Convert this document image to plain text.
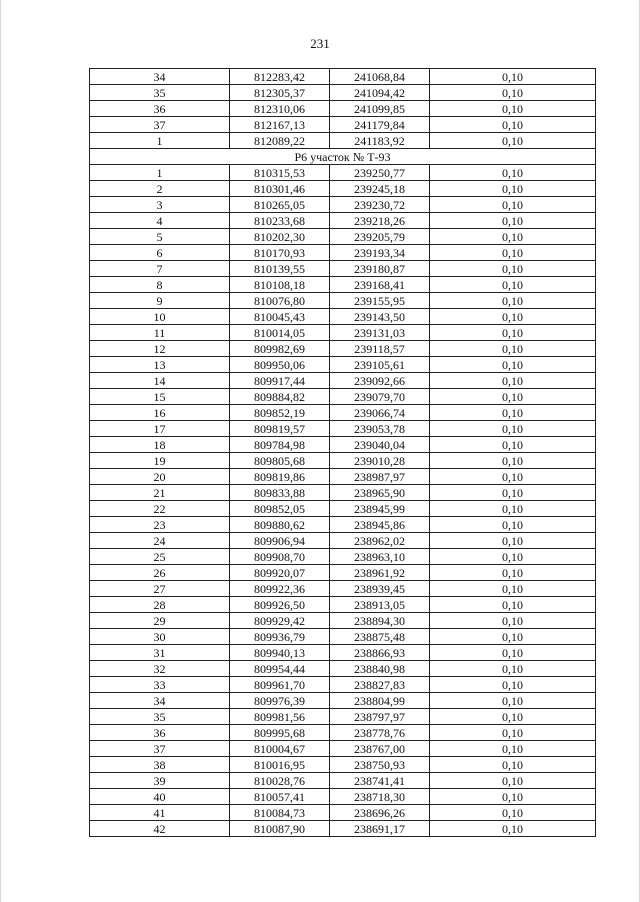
231
34	812283,42	241068,84	0,10
35	812305,37	241094,42	0,10
36	812310,06	241099,85	0,10
37	812167,13	241179,84	0,10
1	812089,22	241183,92	0,10
Р6 участок № Т-93			
1	810315,53	239250,77	0,10
2	810301,46	239245,18	0,10
3	810265,05	239230,72	0,10
4	810233,68	239218,26	0,10
5	810202,30	239205,79	0,10
6	810170,93	239193,34	0,10
7	810139,55	239180,87	0,10
8	810108,18	239168,41	0,10
9	810076,80	239155,95	0,10
10	810045,43	239143,50	0,10
11	810014,05	239131,03	0,10
12	809982,69	239118,57	0,10
13	809950,06	239105,61	0,10
14	809917,44	239092,66	0,10
15	809884,82	239079,70	0,10
16	809852,19	239066,74	0,10
17	809819,57	239053,78	0,10
18	809784,98	239040,04	0,10
19	809805,68	239010,28	0,10
20	809819,86	238987,97	0,10
21	809833,88	238965,90	0,10
22	809852,05	238945,99	0,10
23	809880,62	238945,86	0,10
24	809906,94	238962,02	0,10
25	809908,70	238963,10	0,10
26	809920,07	238961,92	0,10
27	809922,36	238939,45	0,10
28	809926,50	238913,05	0,10
29	809929,42	238894,30	0,10
30	809936,79	238875,48	0,10
31	809940,13	238866,93	0,10
32	809954,44	238840,98	0,10
33	809961,70	238827,83	0,10
34	809976,39	238804,99	0,10
35	809981,56	238797,97	0,10
36	809995,68	238778,76	0,10
37	810004,67	238767,00	0,10
38	810016,95	238750,93	0,10
39	810028,76	238741,41	0,10
40	810057,41	238718,30	0,10
41	810084,73	238696,26	0,10
42	810087,90	238691,17	0,10
